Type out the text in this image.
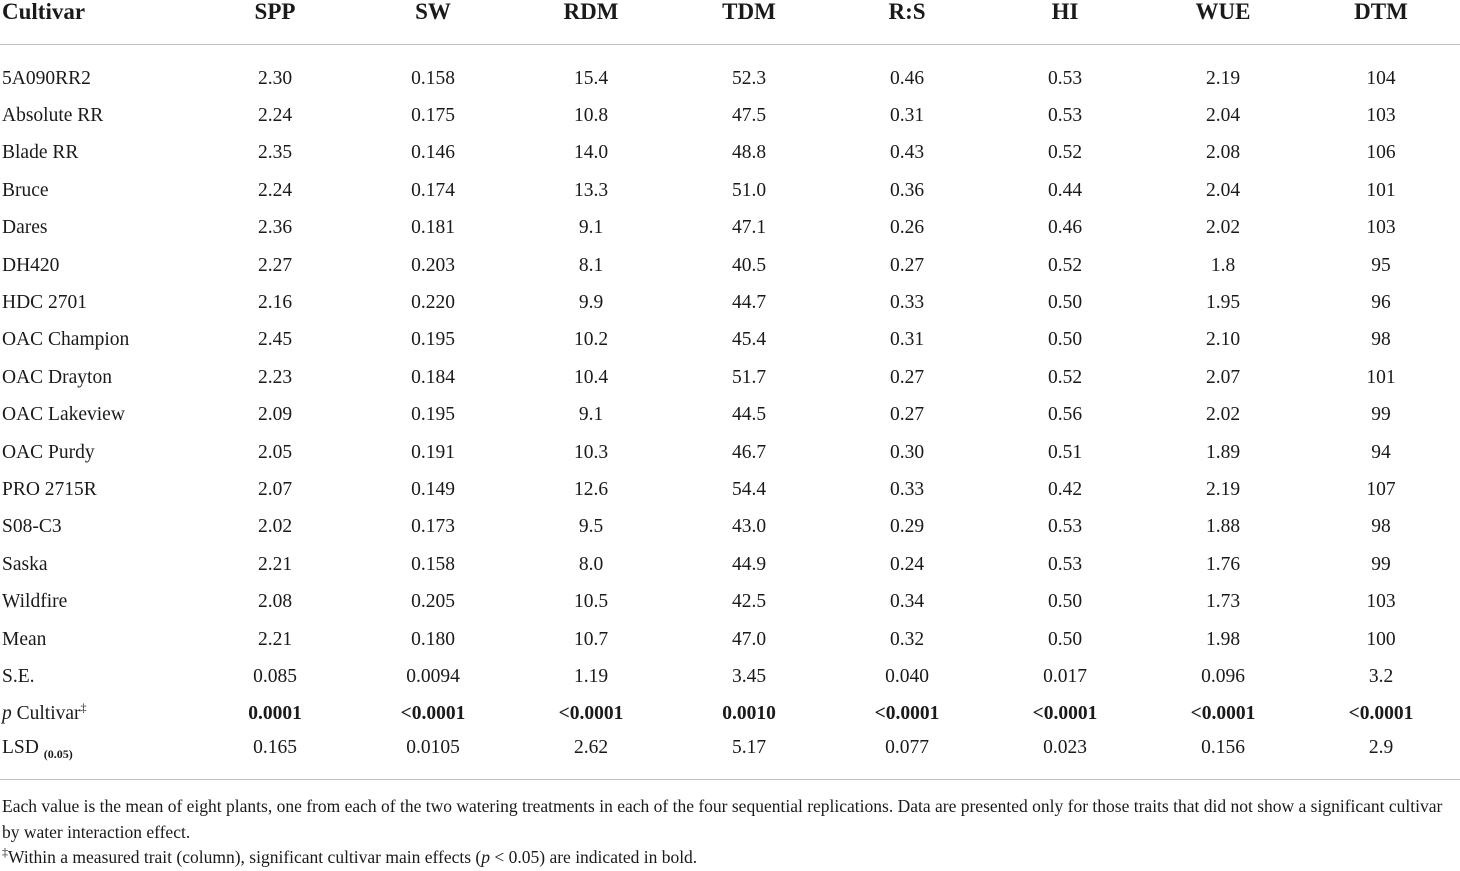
Cultivar	SPP	SW	RDM	TDM	R:S	HI	WUE	DTM

5A090RR2	2.30	0.158	15.4	52.3	0.46	0.53	2.19	104
Absolute RR	2.24	0.175	10.8	47.5	0.31	0.53	2.04	103
Blade RR	2.35	0.146	14.0	48.8	0.43	0.52	2.08	106
Bruce	2.24	0.174	13.3	51.0	0.36	0.44	2.04	101
Dares	2.36	0.181	9.1	47.1	0.26	0.46	2.02	103
DH420	2.27	0.203	8.1	40.5	0.27	0.52	1.8	95
HDC 2701	2.16	0.220	9.9	44.7	0.33	0.50	1.95	96
OAC Champion	2.45	0.195	10.2	45.4	0.31	0.50	2.10	98
OAC Drayton	2.23	0.184	10.4	51.7	0.27	0.52	2.07	101
OAC Lakeview	2.09	0.195	9.1	44.5	0.27	0.56	2.02	99
OAC Purdy	2.05	0.191	10.3	46.7	0.30	0.51	1.89	94
PRO 2715R	2.07	0.149	12.6	54.4	0.33	0.42	2.19	107
S08-C3	2.02	0.173	9.5	43.0	0.29	0.53	1.88	98
Saska	2.21	0.158	8.0	44.9	0.24	0.53	1.76	99
Wildfire	2.08	0.205	10.5	42.5	0.34	0.50	1.73	103
Mean	2.21	0.180	10.7	47.0	0.32	0.50	1.98	100
S.E.	0.085	0.0094	1.19	3.45	0.040	0.017	0.096	3.2
p Cultivar‡	0.0001	<0.0001	<0.0001	0.0010	<0.0001	<0.0001	<0.0001	<0.0001
LSD $_{(0.05)}$	0.165	0.0105	2.62	5.17	0.077	0.023	0.156	2.9

Each value is the mean of eight plants, one from each of the two watering treatments in each of the four sequential replications. Data are presented only for those traits that did not show a significant cultivar by water interaction effect.

‡Within a measured trait (column), significant cultivar main effects (p < 0.05) are indicated in bold.
